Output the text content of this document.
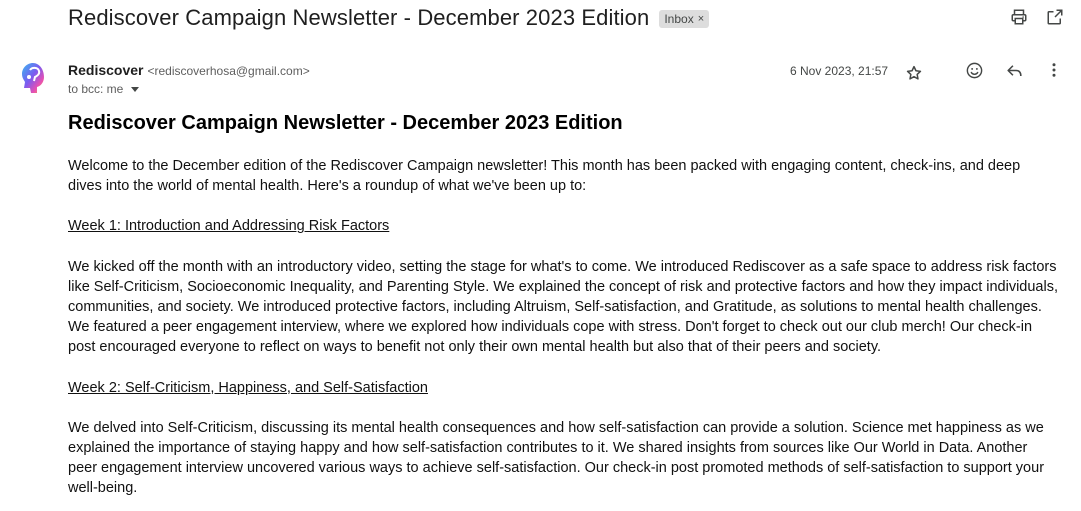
Rediscover Campaign Newsletter - December 2023 Edition Inbox ×
Rediscover <rediscoverhosa@gmail.com>
to bcc: me
6 Nov 2023, 21:57
Rediscover Campaign Newsletter - December 2023 Edition

Welcome to the December edition of the Rediscover Campaign newsletter! This month has been packed with engaging content, check-ins, and deep dives into the world of mental health. Here's a roundup of what we've been up to:

Week 1: Introduction and Addressing Risk Factors

We kicked off the month with an introductory video, setting the stage for what's to come. We introduced Rediscover as a safe space to address risk factors like Self-Criticism, Socioeconomic Inequality, and Parenting Style. We explained the concept of risk and protective factors and how they impact individuals, communities, and society. We introduced protective factors, including Altruism, Self-satisfaction, and Gratitude, as solutions to mental health challenges. We featured a peer engagement interview, where we explored how individuals cope with stress. Don't forget to check out our club merch! Our check-in post encouraged everyone to reflect on ways to benefit not only their own mental health but also that of their peers and society.

Week 2: Self-Criticism, Happiness, and Self-Satisfaction

We delved into Self-Criticism, discussing its mental health consequences and how self-satisfaction can provide a solution. Science met happiness as we explained the importance of staying happy and how self-satisfaction contributes to it. We shared insights from sources like Our World in Data. Another peer engagement interview uncovered various ways to achieve self-satisfaction. Our check-in post promoted methods of self-satisfaction to support your well-being.
